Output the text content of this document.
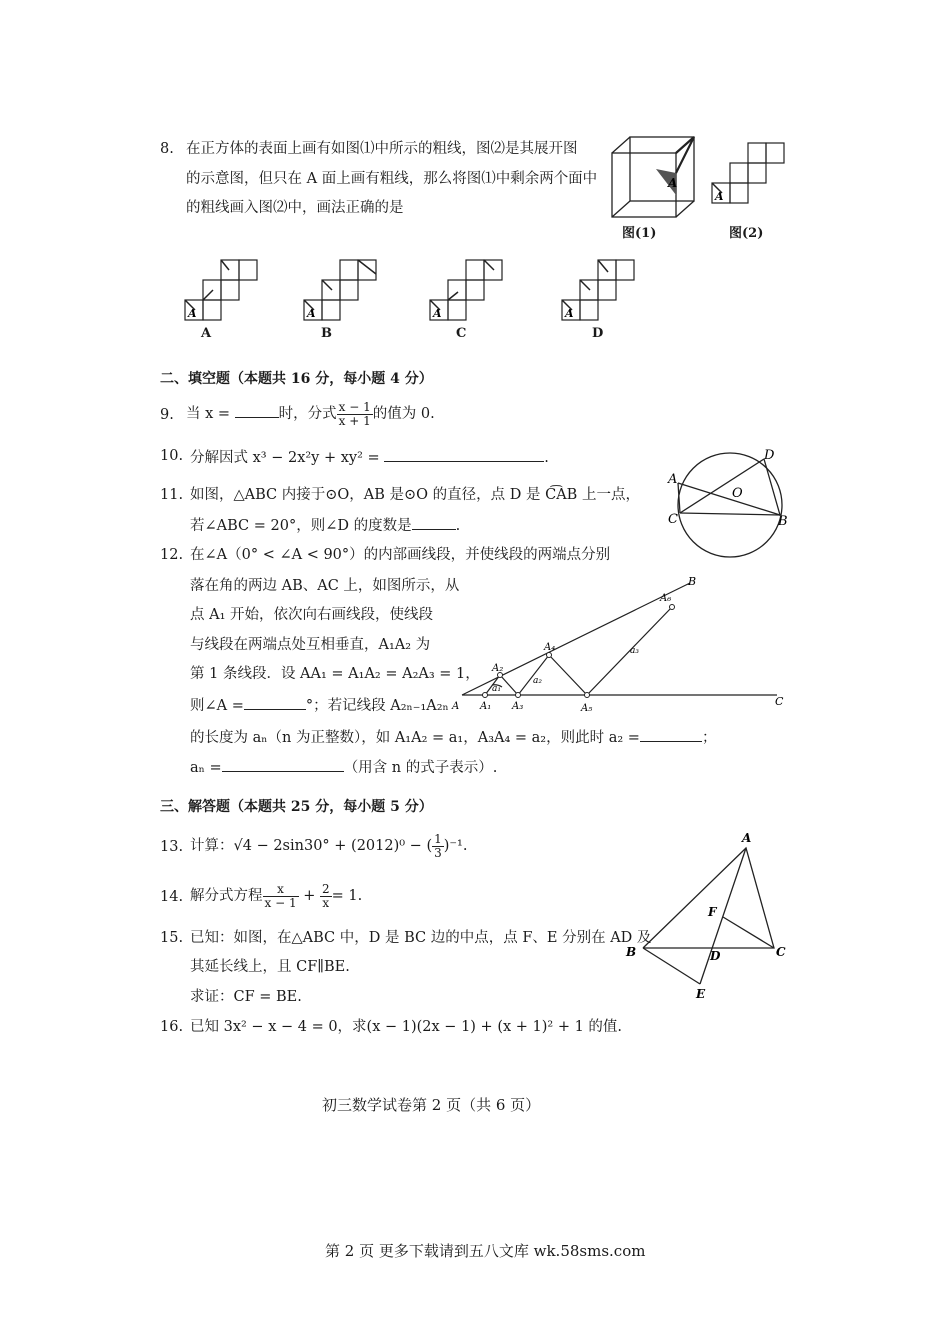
8. 在正方体的表面上画有如图⑴中所示的粗线，图⑵是其展开图
的示意图，但只在 A 面上画有粗线，那么将图⑴中剩余两个面中
的粗线画入图⑵中，画法正确的是
A
图(1)
A
图(2)
A
A
A
B
A
C
A
D
二、填空题（本题共 16 分，每小题 4 分）
9. 当 x =	时，分式 $\frac{x - 1}{x + 1}$ 的值为 0.
10. 分解因式 x³ − 2x²y + xy² =	.
A
D
O
C	B
11. 如图，△ABC 内接于⊙O，AB 是⊙O 的直径，点 D 是 C͡AB 上一点，
若∠ABC = 20°，则∠D 的度数是	.
12. 在∠A（0° < ∠A < 90°）的内部画线段，并使线段的两端点分别
落在角的两边 AB、AC 上，如图所示，从
点 A₁ 开始，依次向右画线段，使线段
与线段在两端点处互相垂直，A₁A₂ 为
第 1 条线段．设 AA₁ = A₁A₂ = A₂A₃ = 1，
则∠A =	°；若记线段 A₂ₙ₋₁A₂ₙ
的长度为 aₙ（n 为正整数），如 A₁A₂ = a₁，A₃A₄ = a₂，则此时 a₂ =	；
aₙ =	（用含 n 的式子表示）.
A A₁ A₃	A₅
A₂
A₄
A₆
B
C
a₁
a₂
a₃
三、解答题（本题共 25 分，每小题 5 分）
13. 计算：√4 − 2sin30° + (2012)⁰ − ( $\frac{1}{3} )^{-1}$.
14. 解分式方程 $\frac{x}{x - 1} + \frac{2}{x} = 1$.
15. 已知：如图，在△ABC 中，D 是 BC 边的中点，点 F、E 分别在 AD 及
其延长线上，且 CF∥BE.
求证：CF = BE.
A
B	C
D
F
E
16. 已知 3x² − x − 4 = 0，求(x − 1)(2x − 1) + (x + 1)² + 1 的值.
初三数学试卷第 2 页（共 6 页）
第 2 页 更多下载请到五八文库 wk.58sms.com
